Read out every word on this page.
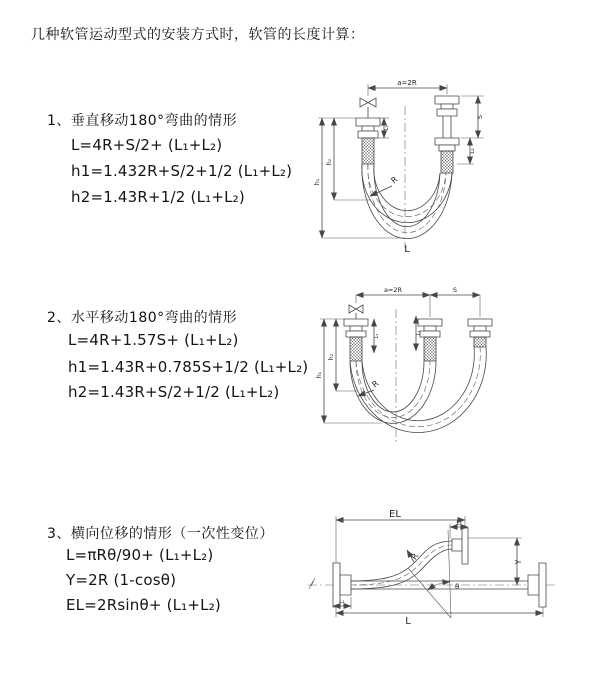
几种软管运动型式的安装方式时，软管的长度计算：
1、垂直移动180°弯曲的情形
L=4R+S/2+ (L₁+L₂)
h1=1.432R+S/2+1/2 (L₁+L₂)
h2=1.43R+1/2 (L₁+L₂)
2、水平移动180°弯曲的情形
L=4R+1.57S+ (L₁+L₂)
h1=1.43R+0.785S+1/2 (L₁+L₂)
h2=1.43R+S/2+1/2 (L₁+L₂)
3、横向位移的情形（一次性变位）
L=πRθ/90+ (L₁+L₂)
Y=2R (1-cosθ)
EL=2Rsinθ+ (L₁+L₂)
a=2R
L₁
S
L₂
h₂
h₁	R
L
a=2R	S
L₁
L₂
h₂
h₁
R
EL
L₂
Y
θ
R
L₁
L
